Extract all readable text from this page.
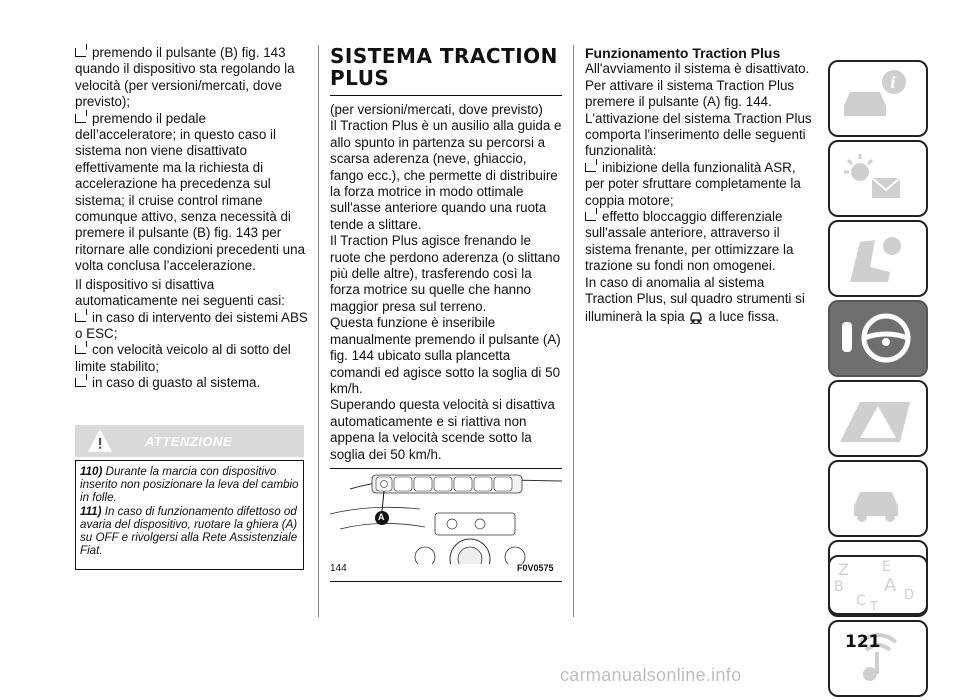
premendo il pulsante (B) fig. 143 quando il dispositivo sta regolando la velocità (per versioni/mercati, dove previsto);

premendo il pedale dell’acceleratore; in questo caso il sistema non viene disattivato effettivamente ma la richiesta di accelerazione ha precedenza sul sistema; il cruise control rimane comunque attivo, senza necessità di premere il pulsante (B) fig. 143 per ritornare alle condizioni precedenti una volta conclusa l’accelerazione.

Il dispositivo si disattiva automaticamente nei seguenti casi:

in caso di intervento dei sistemi ABS o ESC;

con velocità veicolo al di sotto del limite stabilito;

in caso di guasto al sistema.

ATTENZIONE
110) Durante la marcia con dispositivo inserito non posizionare la leva del cambio in folle.
111) In caso di funzionamento difettoso od avaria del dispositivo, ruotare la ghiera (A) su OFF e rivolgersi alla Rete Assistenziale Fiat.
SISTEMA TRACTION PLUS

(per versioni/mercati, dove previsto)

Il Traction Plus è un ausilio alla guida e allo spunto in partenza su percorsi a scarsa aderenza (neve, ghiaccio, fango ecc.), che permette di distribuire la forza motrice in modo ottimale sull'asse anteriore quando una ruota tende a slittare.

Il Traction Plus agisce frenando le ruote che perdono aderenza (o slittano più delle altre), trasferendo così la forza motrice su quelle che hanno maggior presa sul terreno.

Questa funzione è inseribile manualmente premendo il pulsante (A) fig. 144 ubicato sulla plancetta comandi ed agisce sotto la soglia di 50 km/h.

Superando questa velocità si disattiva automaticamente e si riattiva non appena la velocità scende sotto la soglia dei 50 km/h.

A
144	F0V0575

Funzionamento Traction Plus

All'avviamento il sistema è disattivato. Per attivare il sistema Traction Plus premere il pulsante (A) fig. 144.

L'attivazione del sistema Traction Plus comporta l'inserimento delle seguenti funzionalità:

inibizione della funzionalità ASR, per poter sfruttare completamente la coppia motore;

effetto bloccaggio differenziale sull'assale anteriore, attraverso il sistema frenante, per ottimizzare la trazione su fondi non omogenei.

In caso di anomalia al sistema Traction Plus, sul quadro strumenti si illuminerà la spia a luce fissa.

i
Z E
A
B
C	D
T
121
carmanualsonline.info
